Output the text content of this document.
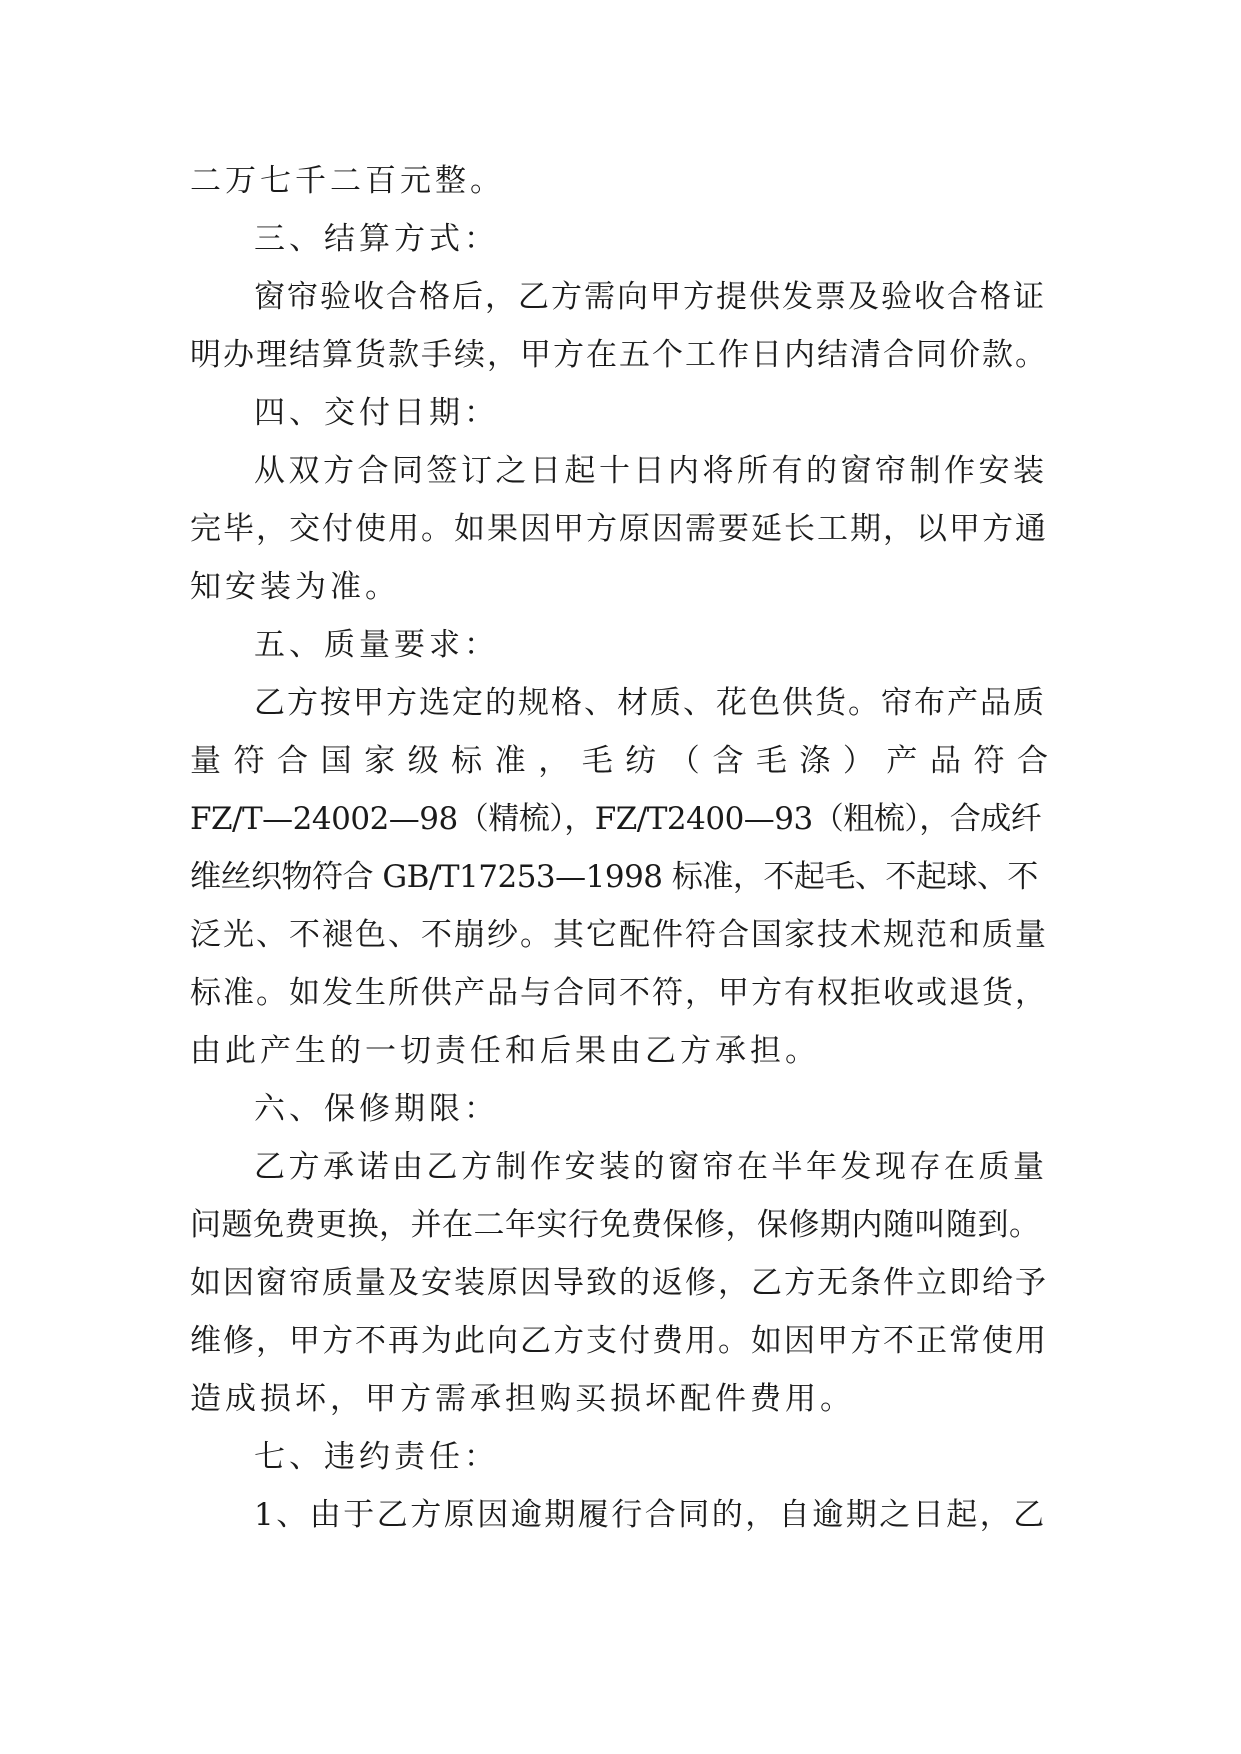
二万七千二百元整。
三、结算方式：
窗帘验收合格后，乙方需向甲方提供发票及验收合格证
明办理结算货款手续，甲方在五个工作日内结清合同价款。
四、交付日期：
从双方合同签订之日起十日内将所有的窗帘制作安装
完毕，交付使用。如果因甲方原因需要延长工期，以甲方通
知安装为准。
五、质量要求：
乙方按甲方选定的规格、材质、花色供货。帘布产品质
量符合国家级标准，毛纺（含毛涤）产品符合
FZ/T—24002—98（精梳），FZ/T2400—93（粗梳），合成纤
维丝织物符合 GB/T17253—1998 标准，不起毛、不起球、不
泛光、不褪色、不崩纱。其它配件符合国家技术规范和质量
标准。如发生所供产品与合同不符，甲方有权拒收或退货，
由此产生的一切责任和后果由乙方承担。
六、保修期限：
乙方承诺由乙方制作安装的窗帘在半年发现存在质量
问题免费更换，并在二年实行免费保修，保修期内随叫随到。
如因窗帘质量及安装原因导致的返修，乙方无条件立即给予
维修，甲方不再为此向乙方支付费用。如因甲方不正常使用
造成损坏，甲方需承担购买损坏配件费用。
七、违约责任：
1、由于乙方原因逾期履行合同的，自逾期之日起，乙
